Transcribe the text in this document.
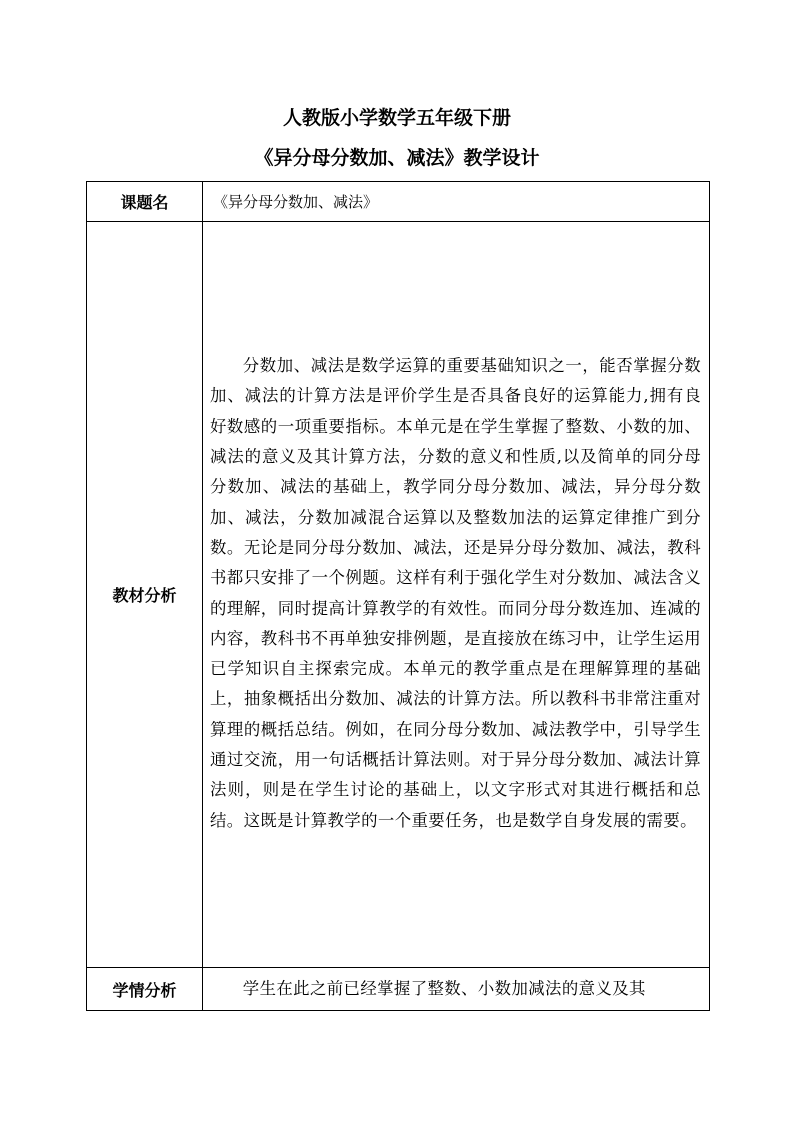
人教版小学数学五年级下册
《异分母分数加、减法》教学设计
课题名	《异分母分数加、减法》

教材分析	分数加、减法是数学运算的重要基础知识之一，能否掌握分数加、减法的计算方法是评价学生是否具备良好的运算能力,拥有良好数感的一项重要指标。本单元是在学生掌握了整数、小数的加、减法的意义及其计算方法，分数的意义和性质,以及简单的同分母分数加、减法的基础上，教学同分母分数加、减法，异分母分数加、减法，分数加减混合运算以及整数加法的运算定律推广到分数。无论是同分母分数加、减法，还是异分母分数加、减法，教科书都只安排了一个例题。这样有利于强化学生对分数加、减法含义的理解，同时提高计算教学的有效性。而同分母分数连加、连减的内容，教科书不再单独安排例题，是直接放在练习中，让学生运用已学知识自主探索完成。本单元的教学重点是在理解算理的基础上，抽象概括出分数加、减法的计算方法。所以教科书非常注重对算理的概括总结。例如，在同分母分数加、减法教学中，引导学生通过交流，用一句话概括计算法则。对于异分母分数加、减法计算法则，则是在学生讨论的基础上，以文字形式对其进行概括和总结。这既是计算教学的一个重要任务，也是数学自身发展的需要。

学情分析	学生在此之前已经掌握了整数、小数加减法的意义及其
